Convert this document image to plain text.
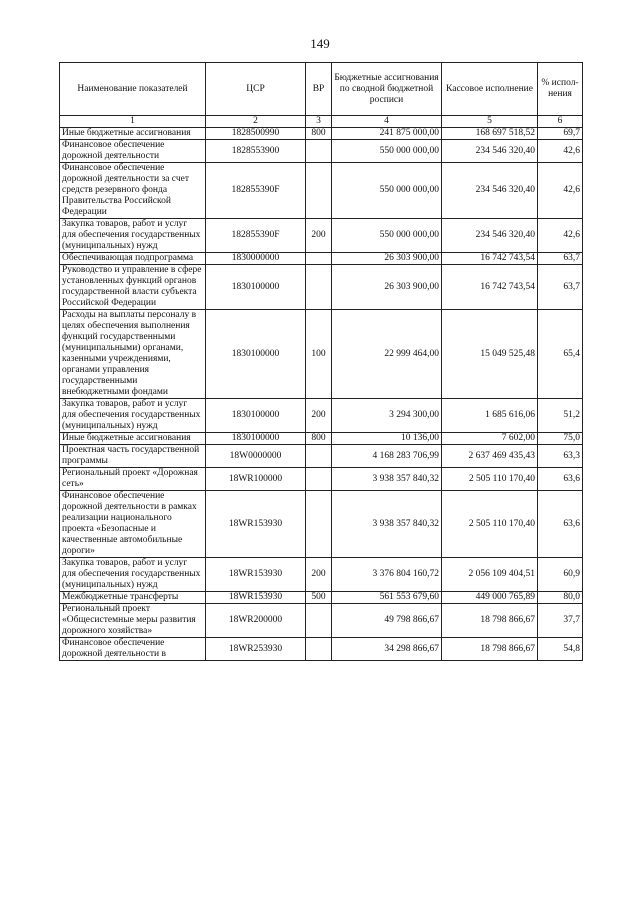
149
Наименование показателей	ЦСР	ВР	Бюджетные ассигнования по сводной бюджетной росписи	Кассовое исполнение	% испол-нения
1	2	3	4	5	6
Иные бюджетные ассигнования	1828500990	800	241 875 000,00	168 697 518,52	69,7
Финансовое обеспечение дорожной деятельности	1828553900		550 000 000,00	234 546 320,40	42,6
Финансовое обеспечение дорожной деятельности за счет средств резервного фонда Правительства Российской Федерации	182855390F		550 000 000,00	234 546 320,40	42,6
Закупка товаров, работ и услуг для обеспечения государственных (муниципальных) нужд	182855390F	200	550 000 000,00	234 546 320,40	42,6
Обеспечивающая подпрограмма	1830000000		26 303 900,00	16 742 743,54	63,7
Руководство и управление в сфере установленных функций органов государственной власти субъекта Российской Федерации	1830100000		26 303 900,00	16 742 743,54	63,7
Расходы на выплаты персоналу в целях обеспечения выполнения функций государственными (муниципальными) органами, казенными учреждениями, органами управления государственными внебюджетными фондами	1830100000	100	22 999 464,00	15 049 525,48	65,4
Закупка товаров, работ и услуг для обеспечения государственных (муниципальных) нужд	1830100000	200	3 294 300,00	1 685 616,06	51,2
Иные бюджетные ассигнования	1830100000	800	10 136,00	7 602,00	75,0
Проектная часть государственной программы	18W0000000		4 168 283 706,99	2 637 469 435,43	63,3
Региональный проект «Дорожная сеть»	18WR100000		3 938 357 840,32	2 505 110 170,40	63,6
Финансовое обеспечение дорожной деятельности в рамках реализации национального проекта «Безопасные и качественные автомобильные дороги»	18WR153930		3 938 357 840,32	2 505 110 170,40	63,6
Закупка товаров, работ и услуг для обеспечения государственных (муниципальных) нужд	18WR153930	200	3 376 804 160,72	2 056 109 404,51	60,9
Межбюджетные трансферты	18WR153930	500	561 553 679,60	449 000 765,89	80,0
Региональный проект «Общесистемные меры развития дорожного хозяйства»	18WR200000		49 798 866,67	18 798 866,67	37,7
Финансовое обеспечение дорожной деятельности в	18WR253930		34 298 866,67	18 798 866,67	54,8
